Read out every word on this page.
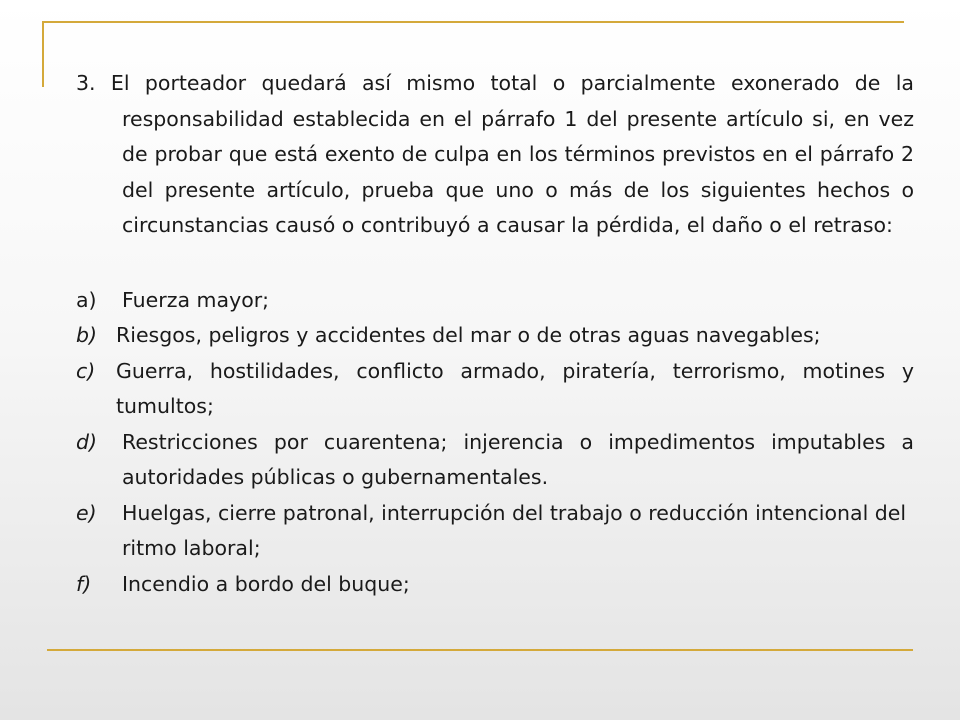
3. El porteador quedará así mismo total o parcialmente exonerado de la responsabilidad establecida en el párrafo 1 del presente artículo si, en vez de probar que está exento de culpa en los términos previstos en el párrafo 2 del presente artículo, prueba que uno o más de los siguientes hechos o circunstancias causó o contribuyó a causar la pérdida, el daño o el retraso:

a)	Fuerza mayor;
b) Riesgos, peligros y accidentes del mar o de otras aguas navegables;
c)	Guerra, hostilidades, conflicto armado, piratería, terrorismo, motines y tumultos;
d)	Restricciones por cuarentena; injerencia o impedimentos imputables a autoridades públicas o gubernamentales.
e)	Huelgas, cierre patronal, interrupción del trabajo o reducción intencional del ritmo laboral;
f)	Incendio a bordo del buque;
